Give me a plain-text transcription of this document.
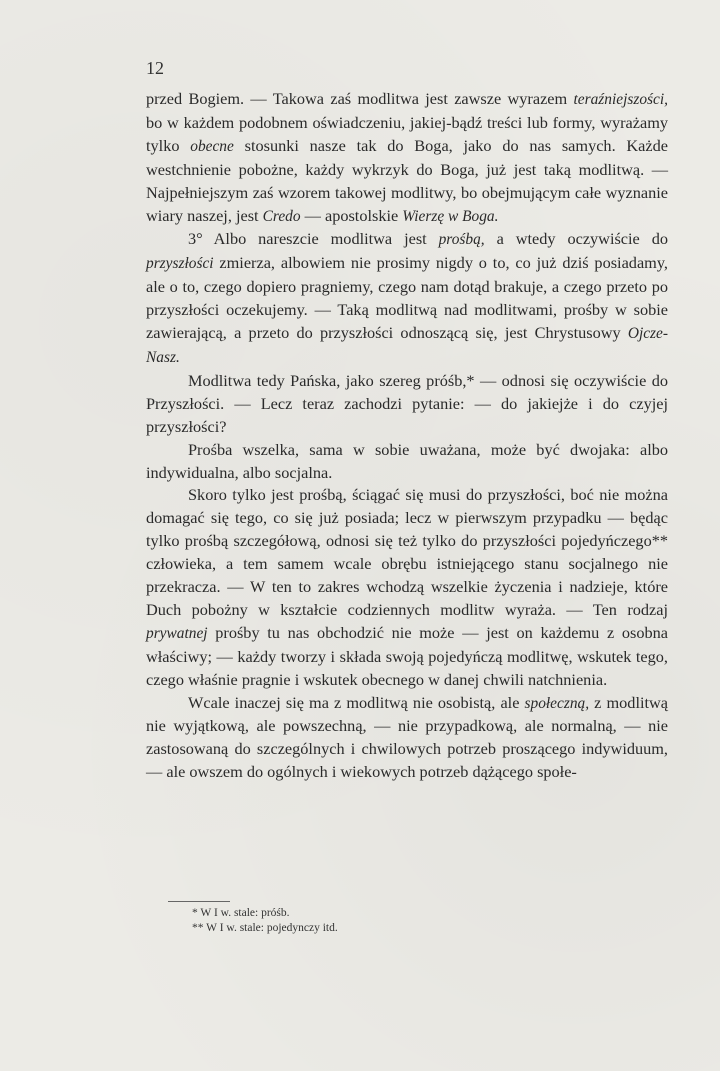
12

przed Bogiem. — Takowa zaś modlitwa jest zawsze wyrazem teraźniejszości, bo w każdem podobnem oświadczeniu, jakiej-bądź treści lub formy, wyrażamy tylko obecne stosunki nasze tak do Boga, jako do nas samych. Każde westchnienie pobożne, każdy wykrzyk do Boga, już jest taką modlitwą. — Najpełniejszym zaś wzorem takowej modlitwy, bo obejmującym całe wyznanie wiary naszej, jest Credo — apostolskie Wierzę w Boga.

3° Albo nareszcie modlitwa jest prośbą, a wtedy oczywiście do przyszłości zmierza, albowiem nie prosimy nigdy o to, co już dziś posiadamy, ale o to, czego dopiero pragniemy, czego nam dotąd brakuje, a czego przeto po przyszłości oczekujemy. — Taką modlitwą nad modlitwami, prośby w sobie zawierającą, a przeto do przyszłości odnoszącą się, jest Chrystusowy Ojcze-Nasz.

Modlitwa tedy Pańska, jako szereg próśb,* — odnosi się oczywiście do Przyszłości. — Lecz teraz zachodzi pytanie: — do jakiejże i do czyjej przyszłości?

Prośba wszelka, sama w sobie uważana, może być dwojaka: albo indywidualna, albo socjalna.

Skoro tylko jest prośbą, ściągać się musi do przyszłości, boć nie można domagać się tego, co się już posiada; lecz w pierwszym przypadku — będąc tylko prośbą szczegółową, odnosi się też tylko do przyszłości pojedyńczego** człowieka, a tem samem wcale obrębu istniejącego stanu socjalnego nie przekracza. — W ten to zakres wchodzą wszelkie życzenia i nadzieje, które Duch pobożny w kształcie codziennych modlitw wyraża. — Ten rodzaj prywatnej prośby tu nas obchodzić nie może — jest on każdemu z osobna właściwy; — każdy tworzy i składa swoją pojedyńczą modlitwę, wskutek tego, czego właśnie pragnie i wskutek obecnego w danej chwili natchnienia.

Wcale inaczej się ma z modlitwą nie osobistą, ale społeczną, z modlitwą nie wyjątkową, ale powszechną, — nie przypadkową, ale normalną, — nie zastosowaną do szczególnych i chwilowych potrzeb proszącego indywiduum, — ale owszem do ogólnych i wiekowych potrzeb dążącego społe-

* W I w. stale: próśb.
** W I w. stale: pojedynczy itd.
